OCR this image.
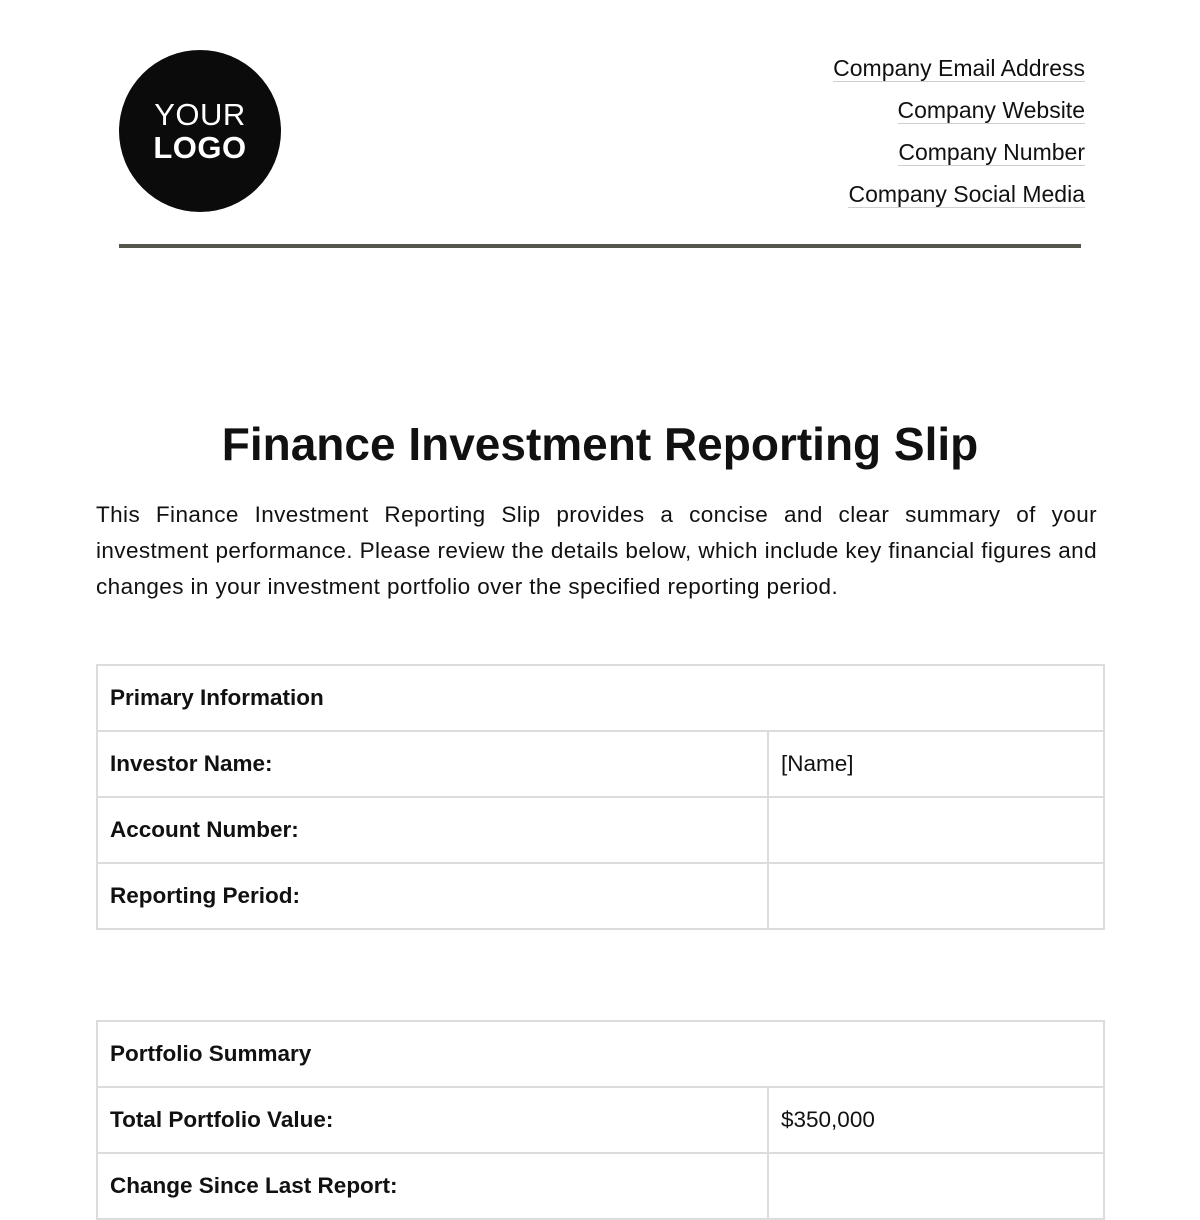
YOUR
LOGO
Company Email Address
Company Website
Company Number
Company Social Media
Finance Investment Reporting Slip

This Finance Investment Reporting Slip provides a concise and clear summary of your investment performance. Please review the details below, which include key financial figures and changes in your investment portfolio over the specified reporting period.

Primary Information	
Investor Name:	[Name]
Account Number:	
Reporting Period:	
Portfolio Summary	
Total Portfolio Value:	$350,000
Change Since Last Report:	
